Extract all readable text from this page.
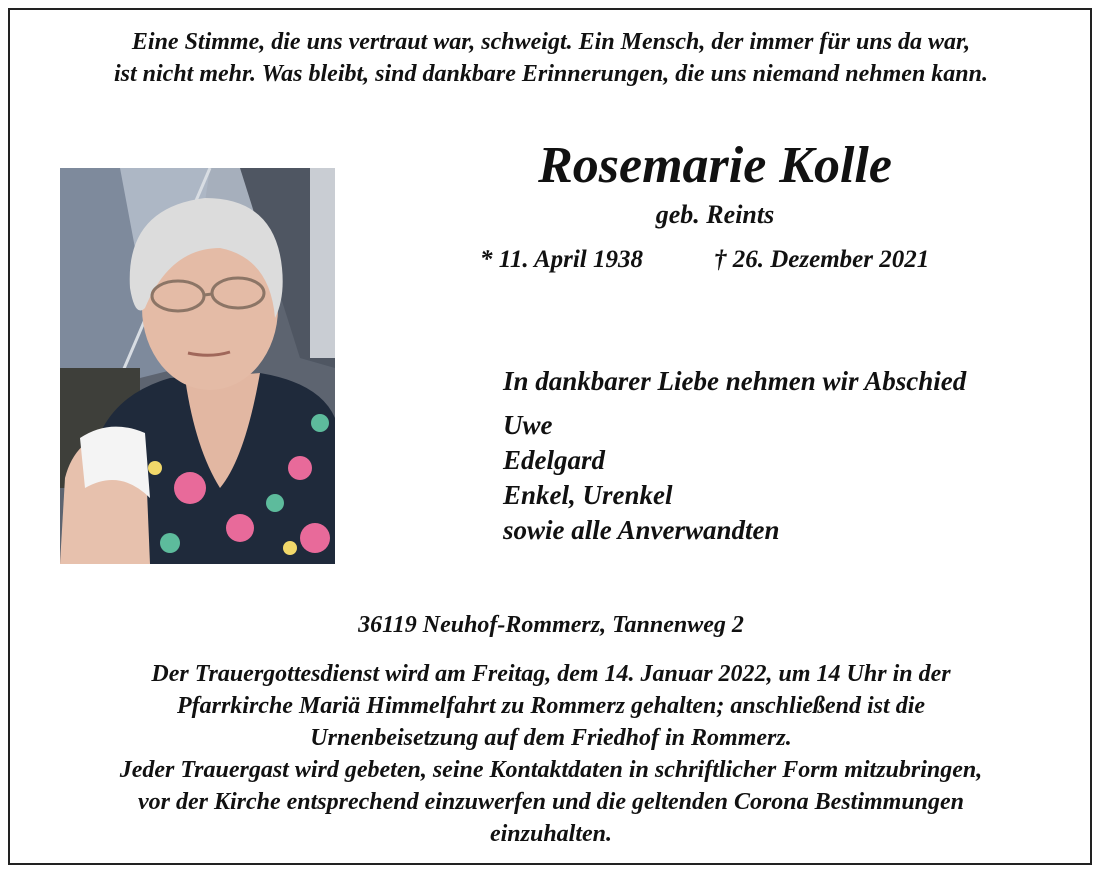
Eine Stimme, die uns vertraut war, schweigt. Ein Mensch, der immer für uns da war,
ist nicht mehr. Was bleibt, sind dankbare Erinnerungen, die uns niemand nehmen kann.
Rosemarie Kolle
geb. Reints
* 11. April 1938	† 26. Dezember 2021
In dankbarer Liebe nehmen wir Abschied
Uwe
Edelgard
Enkel, Urenkel
sowie alle Anverwandten
36119 Neuhof-Rommerz, Tannenweg 2
Der Trauergottesdienst wird am Freitag, dem 14. Januar 2022, um 14 Uhr in der
Pfarrkirche Mariä Himmelfahrt zu Rommerz gehalten; anschließend ist die
Urnenbeisetzung auf dem Friedhof in Rommerz.
Jeder Trauergast wird gebeten, seine Kontaktdaten in schriftlicher Form mitzubringen,
vor der Kirche entsprechend einzuwerfen und die geltenden Corona Bestimmungen
einzuhalten.
